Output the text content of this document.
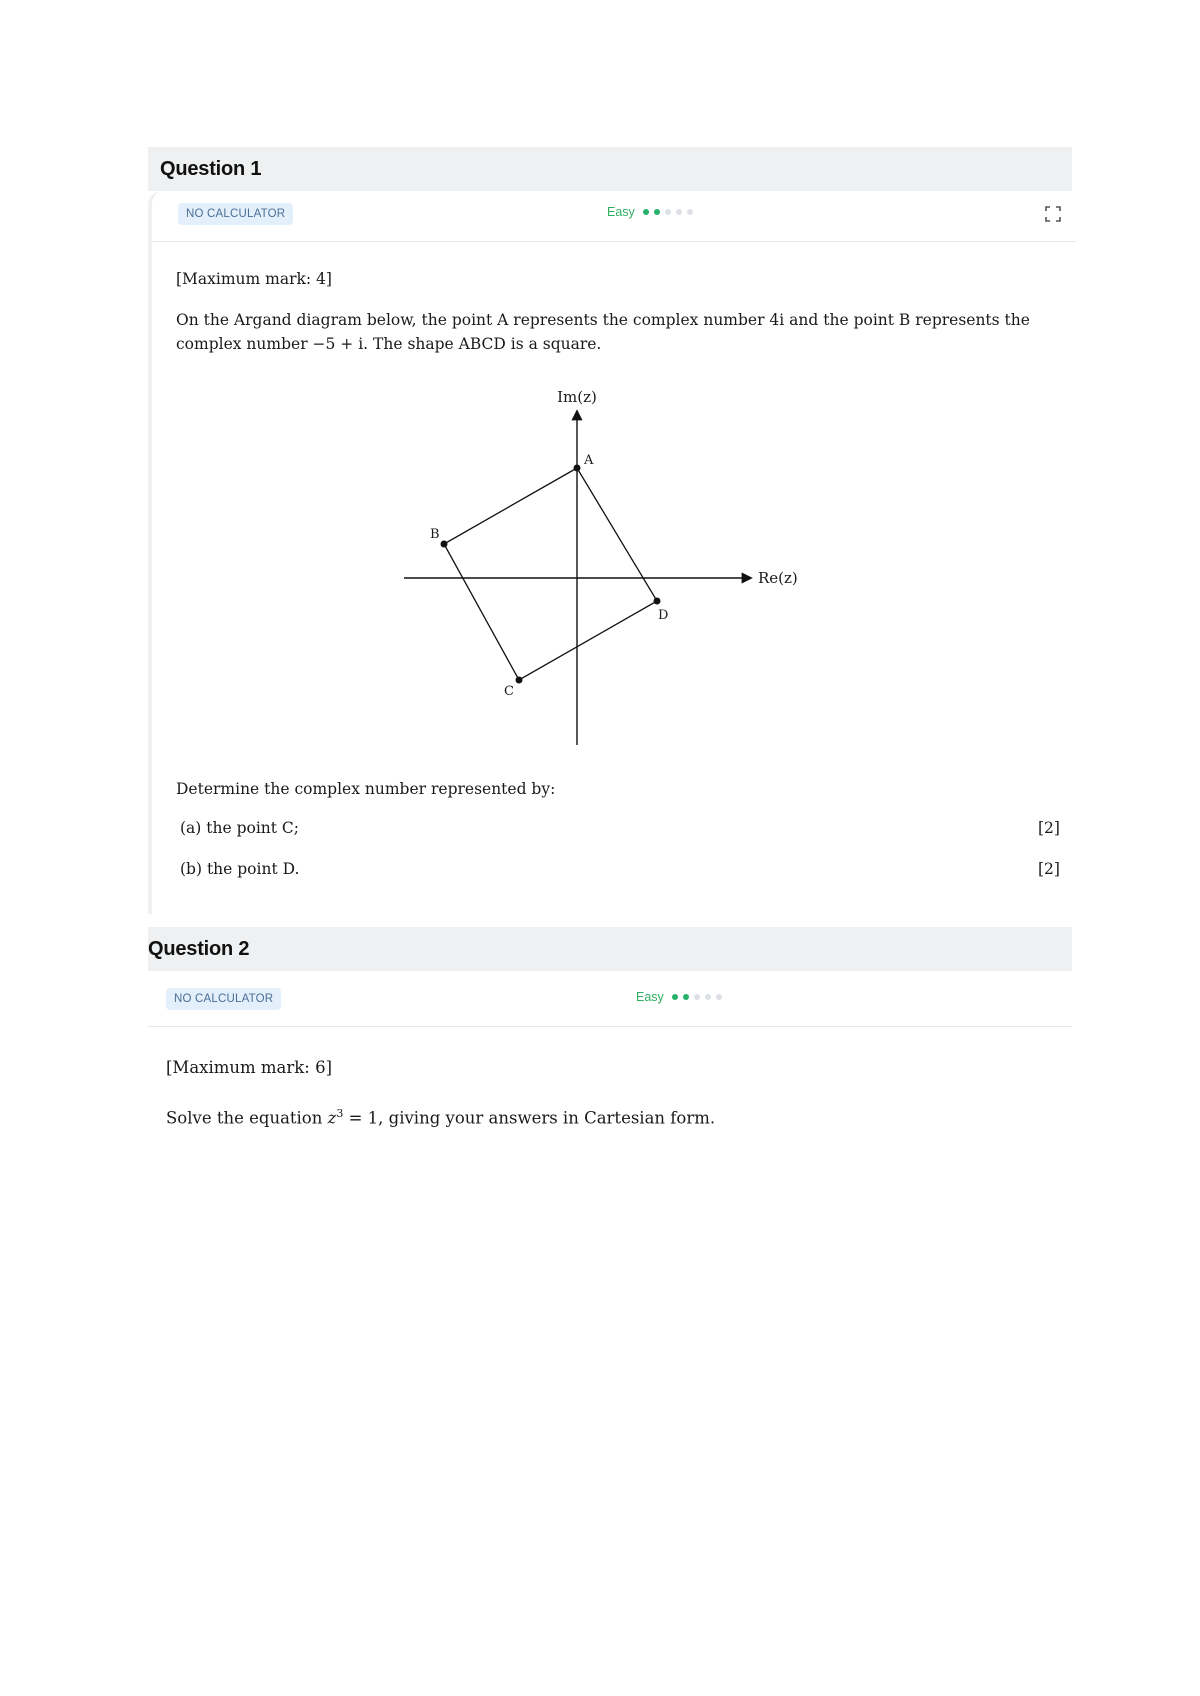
Question 1
NO CALCULATOR	Easy
[Maximum mark: 4]
On the Argand diagram below, the point A represents the complex number 4i and the point B represents the
complex number −5 + i. The shape ABCD is a square.
Im(z)
Re(z)
A
B
C
D
Determine the complex number represented by:
(a) the point C;	[2]
(b) the point D.	[2]
Question 2
NO CALCULATOR	Easy
[Maximum mark: 6]
Solve the equation $z^3 = 1$, giving your answers in Cartesian form.
